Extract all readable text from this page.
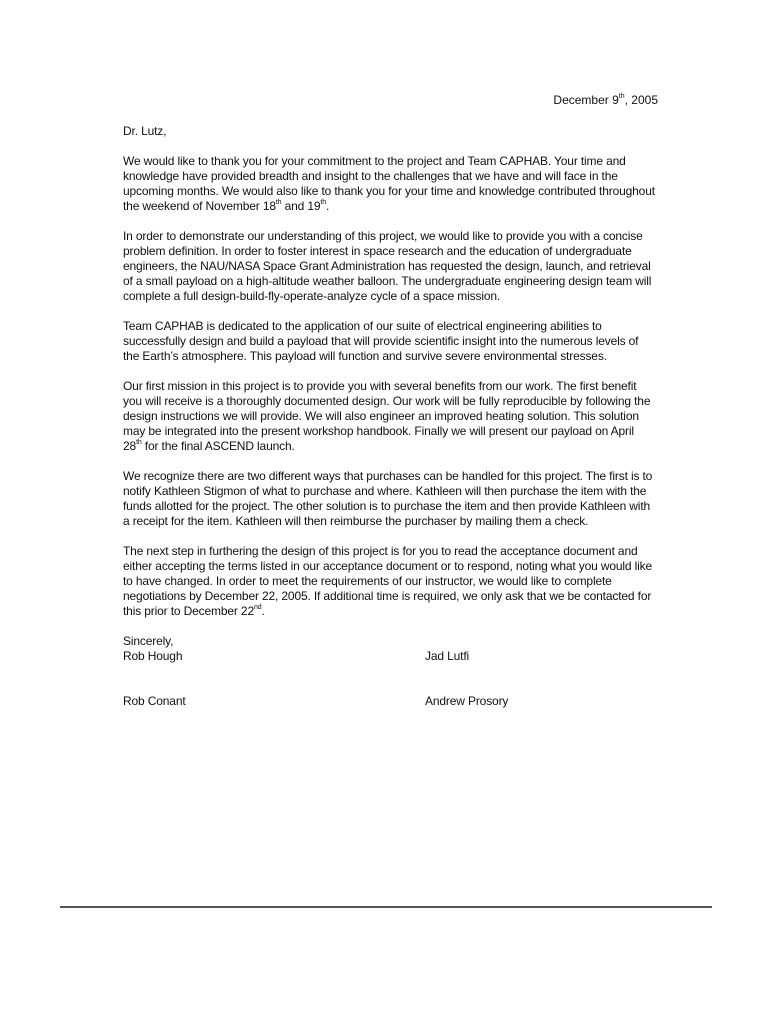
December 9th, 2005

Dr. Lutz,

We would like to thank you for your commitment to the project and Team CAPHAB. Your time and knowledge have provided breadth and insight to the challenges that we have and will face in the upcoming months. We would also like to thank you for your time and knowledge contributed throughout the weekend of November 18th and 19th.

In order to demonstrate our understanding of this project, we would like to provide you with a concise problem definition. In order to foster interest in space research and the education of undergraduate engineers, the NAU/NASA Space Grant Administration has requested the design, launch, and retrieval of a small payload on a high-altitude weather balloon. The undergraduate engineering design team will complete a full design-build-fly-operate-analyze cycle of a space mission.

Team CAPHAB is dedicated to the application of our suite of electrical engineering abilities to successfully design and build a payload that will provide scientific insight into the numerous levels of the Earth’s atmosphere. This payload will function and survive severe environmental stresses.

Our first mission in this project is to provide you with several benefits from our work. The first benefit you will receive is a thoroughly documented design. Our work will be fully reproducible by following the design instructions we will provide. We will also engineer an improved heating solution. This solution may be integrated into the present workshop handbook. Finally we will present our payload on April 28th for the final ASCEND launch.

We recognize there are two different ways that purchases can be handled for this project. The first is to notify Kathleen Stigmon of what to purchase and where. Kathleen will then purchase the item with the funds allotted for the project. The other solution is to purchase the item and then provide Kathleen with a receipt for the item. Kathleen will then reimburse the purchaser by mailing them a check.

The next step in furthering the design of this project is for you to read the acceptance document and either accepting the terms listed in our acceptance document or to respond, noting what you would like to have changed. In order to meet the requirements of our instructor, we would like to complete negotiations by December 22, 2005. If additional time is required, we only ask that we be contacted for this prior to December 22nd.

Sincerely,

Rob Hough	Jad Lutfi
Rob Conant	Andrew Prosory
